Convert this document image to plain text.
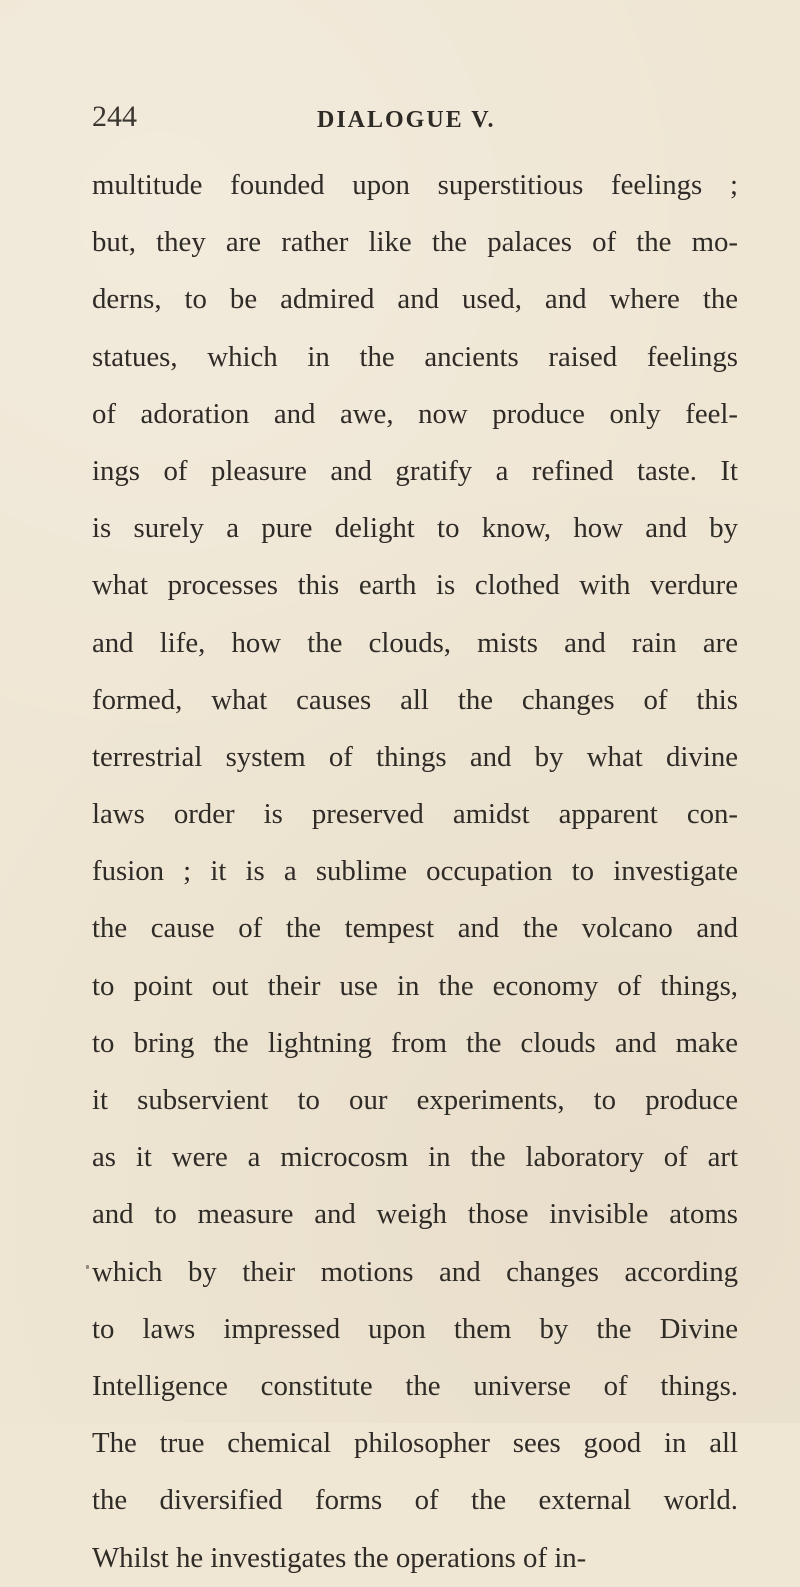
244	DIALOGUE V.
multitude founded upon superstitious feelings ;
but, they are rather like the palaces of the mo-
derns, to be admired and used, and where the
statues, which in the ancients raised feelings
of adoration and awe, now produce only feel-
ings of pleasure and gratify a refined taste. It
is surely a pure delight to know, how and by
what processes this earth is clothed with verdure
and life, how the clouds, mists and rain are
formed, what causes all the changes of this
terrestrial system of things and by what divine
laws order is preserved amidst apparent con-
fusion ; it is a sublime occupation to investigate
the cause of the tempest and the volcano and
to point out their use in the economy of things,
to bring the lightning from the clouds and make
it subservient to our experiments, to produce
as it were a microcosm in the laboratory of art
and to measure and weigh those invisible atoms
which by their motions and changes according
to laws impressed upon them by the Divine
Intelligence constitute the universe of things.
The true chemical philosopher sees good in all
the diversified forms of the external world.
Whilst he investigates the operations of in-
